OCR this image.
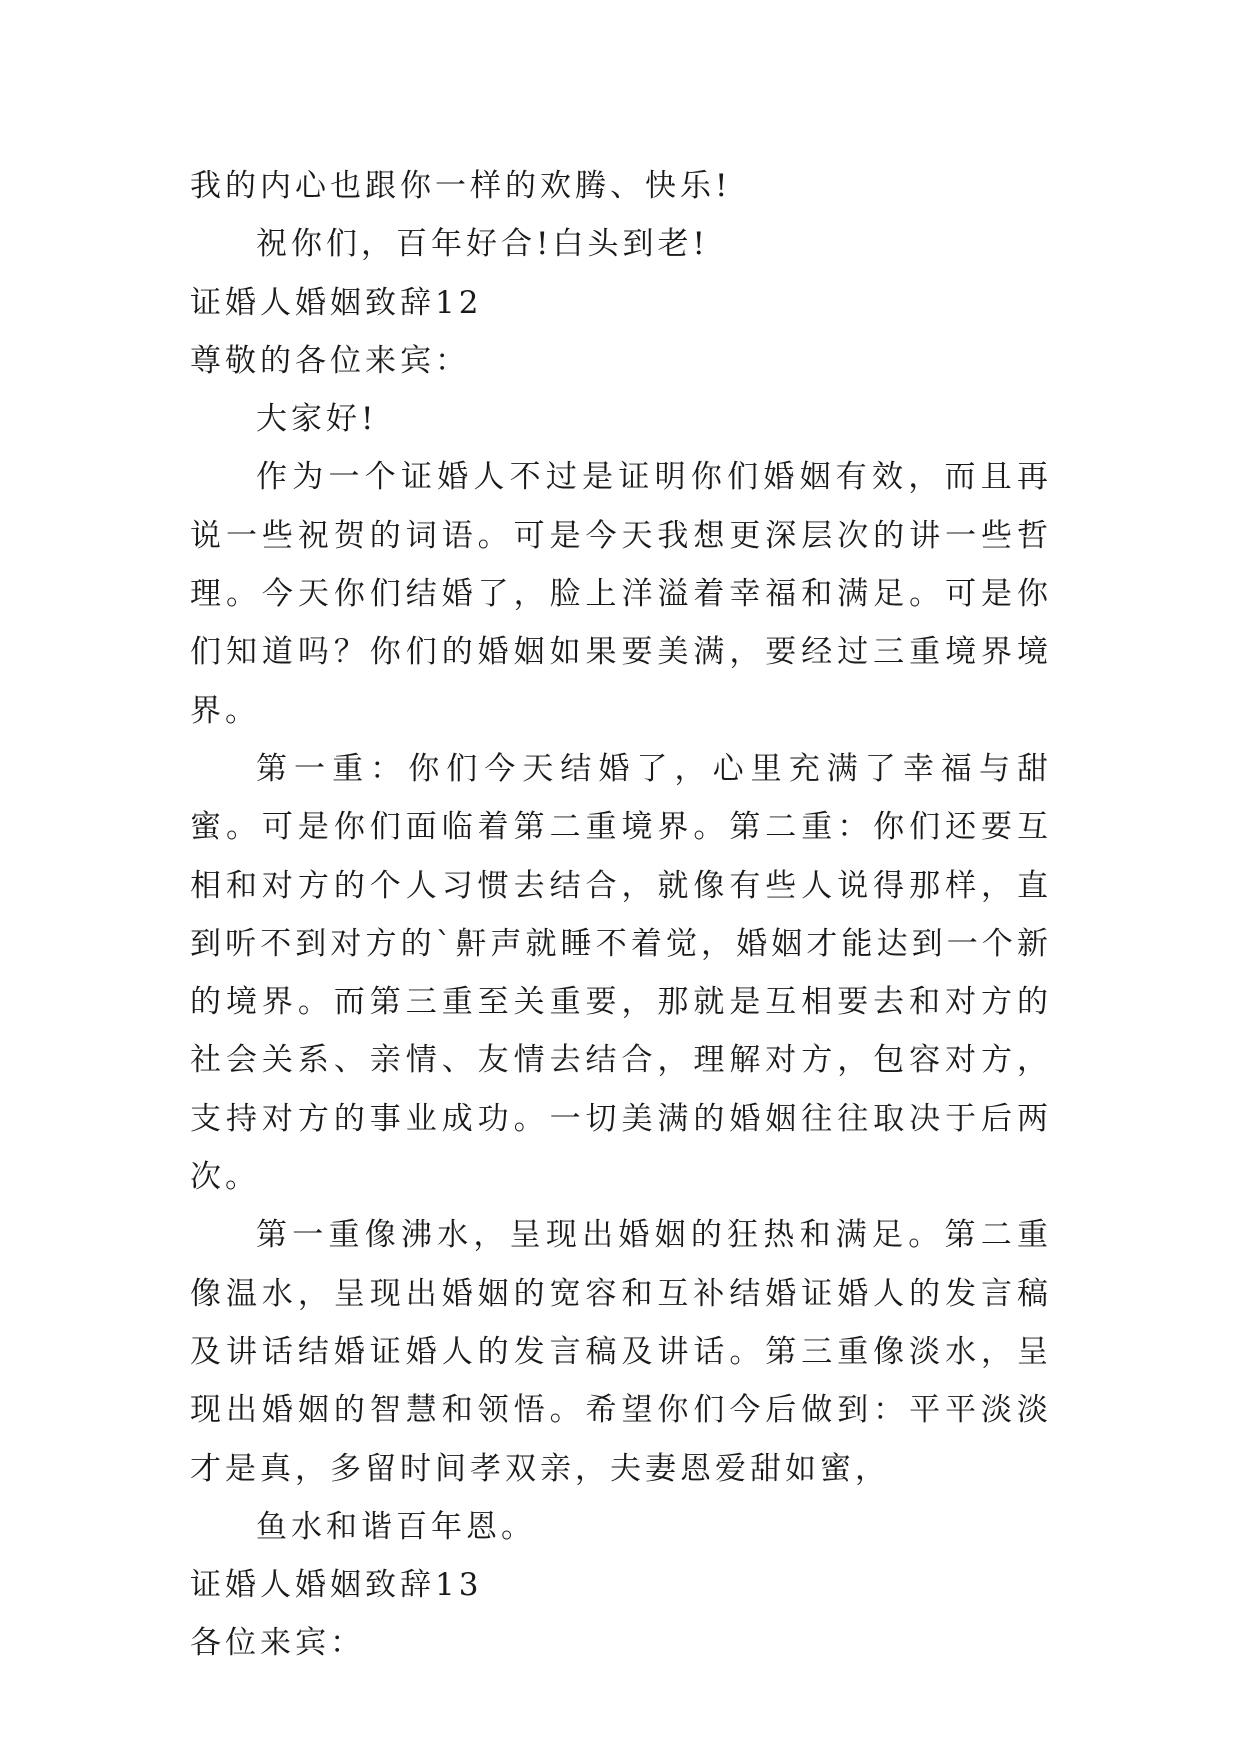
我的内心也跟你一样的欢腾、快乐!

祝你们，百年好合!白头到老!

证婚人婚姻致辞12

尊敬的各位来宾：

大家好!

作为一个证婚人不过是证明你们婚姻有效，而且再说一些祝贺的词语。可是今天我想更深层次的讲一些哲理。今天你们结婚了，脸上洋溢着幸福和满足。可是你们知道吗？你们的婚姻如果要美满，要经过三重境界境界。

第一重：你们今天结婚了，心里充满了幸福与甜蜜。可是你们面临着第二重境界。第二重：你们还要互相和对方的个人习惯去结合，就像有些人说得那样，直到听不到对方的`鼾声就睡不着觉，婚姻才能达到一个新的境界。而第三重至关重要，那就是互相要去和对方的社会关系、亲情、友情去结合，理解对方，包容对方，支持对方的事业成功。一切美满的婚姻往往取决于后两次。

第一重像沸水，呈现出婚姻的狂热和满足。第二重像温水，呈现出婚姻的宽容和互补结婚证婚人的发言稿及讲话结婚证婚人的发言稿及讲话。第三重像淡水，呈现出婚姻的智慧和领悟。希望你们今后做到：平平淡淡才是真，多留时间孝双亲，夫妻恩爱甜如蜜，

鱼水和谐百年恩。

证婚人婚姻致辞13

各位来宾：
